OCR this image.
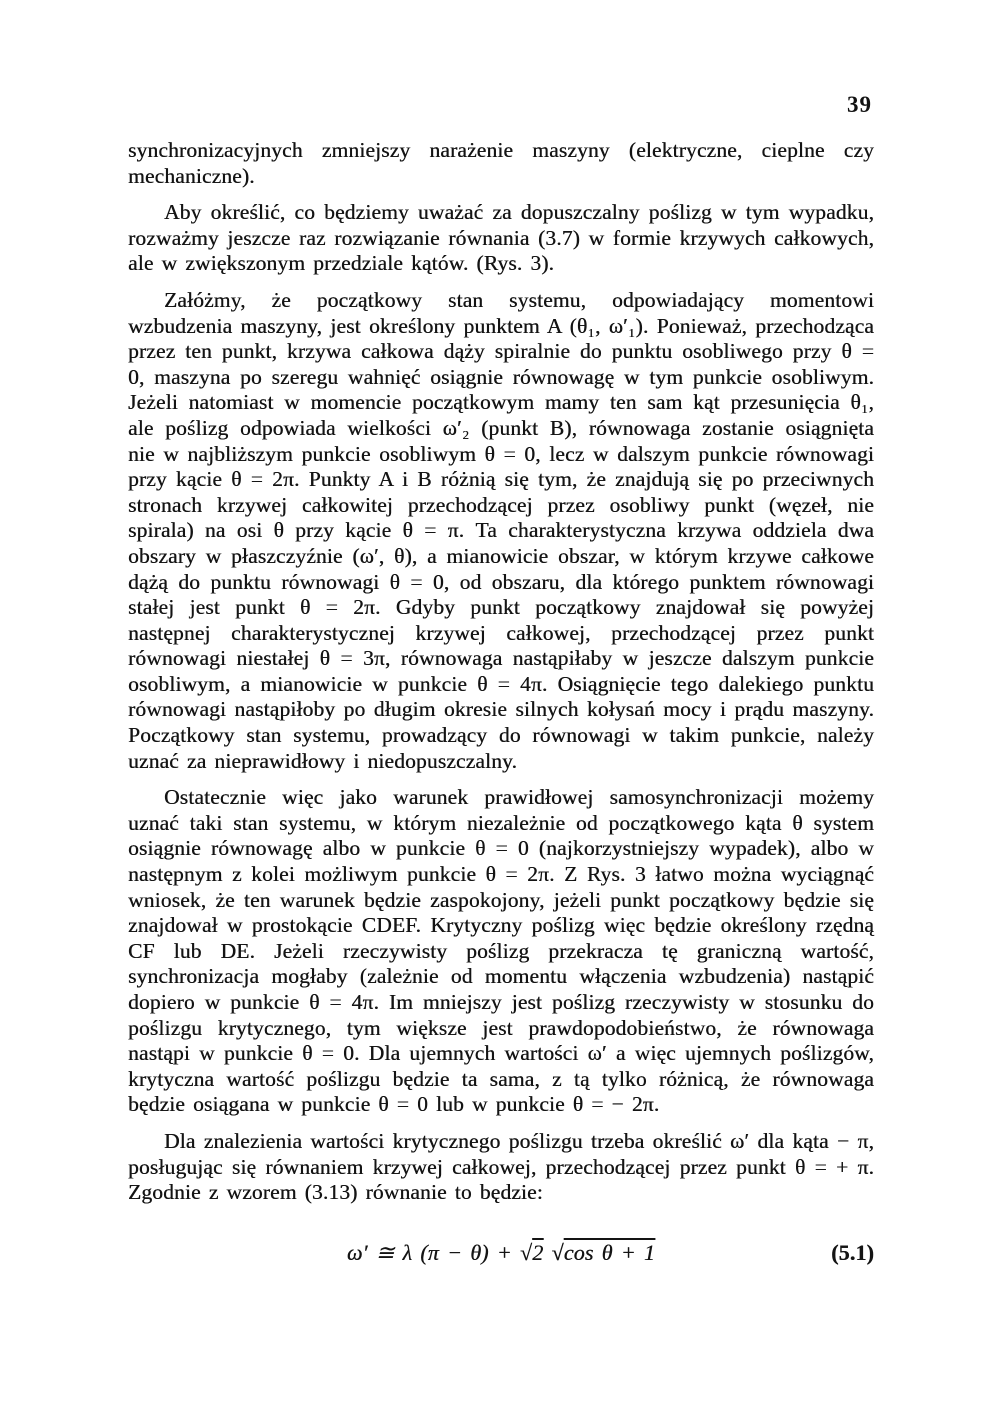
39

synchronizacyjnych zmniejszy narażenie maszyny (elektryczne, cieplne czy mechaniczne).

Aby określić, co będziemy uważać za dopuszczalny poślizg w tym wypadku, rozważmy jeszcze raz rozwiązanie równania (3.7) w formie krzywych całkowych, ale w zwiększonym przedziale kątów. (Rys. 3).

Załóżmy, że początkowy stan systemu, odpowiadający momentowi wzbudzenia maszyny, jest określony punktem A (θ₁, ω′₁). Ponieważ, przechodząca przez ten punkt, krzywa całkowa dąży spiralnie do punktu osobliwego przy θ = 0, maszyna po szeregu wahnięć osiągnie równowagę w tym punkcie osobliwym. Jeżeli natomiast w momencie początkowym mamy ten sam kąt przesunięcia θ₁, ale poślizg odpowiada wielkości ω′₂ (punkt B), równowaga zostanie osiągnięta nie w najbliższym punkcie osobliwym θ = 0, lecz w dalszym punkcie równowagi przy kącie θ = 2π. Punkty A i B różnią się tym, że znajdują się po przeciwnych stronach krzywej całkowitej przechodzącej przez osobliwy punkt (węzeł, nie spirala) na osi θ przy kącie θ = π. Ta charakterystyczna krzywa oddziela dwa obszary w płaszczyźnie (ω′, θ), a mianowicie obszar, w którym krzywe całkowe dążą do punktu równowagi θ = 0, od obszaru, dla którego punktem równowagi stałej jest punkt θ = 2π. Gdyby punkt początkowy znajdował się powyżej następnej charakterystycznej krzywej całkowej, przechodzącej przez punkt równowagi niestałej θ = 3π, równowaga nastąpiłaby w jeszcze dalszym punkcie osobliwym, a mianowicie w punkcie θ = 4π. Osiągnięcie tego dalekiego punktu równowagi nastąpiłoby po długim okresie silnych kołysań mocy i prądu maszyny. Początkowy stan systemu, prowadzący do równowagi w takim punkcie, należy uznać za nieprawidłowy i niedopuszczalny.

Ostatecznie więc jako warunek prawidłowej samosynchronizacji możemy uznać taki stan systemu, w którym niezależnie od początkowego kąta θ system osiągnie równowagę albo w punkcie θ = 0 (najkorzystniejszy wypadek), albo w następnym z kolei możliwym punkcie θ = 2π. Z Rys. 3 łatwo można wyciągnąć wniosek, że ten warunek będzie zaspokojony, jeżeli punkt początkowy będzie się znajdował w prostokącie CDEF. Krytyczny poślizg więc będzie określony rzędną CF lub DE. Jeżeli rzeczywisty poślizg przekracza tę graniczną wartość, synchronizacja mogłaby (zależnie od momentu włączenia wzbudzenia) nastąpić dopiero w punkcie θ = 4π. Im mniejszy jest poślizg rzeczywisty w stosunku do poślizgu krytycznego, tym większe jest prawdopodobieństwo, że równowaga nastąpi w punkcie θ = 0. Dla ujemnych wartości ω′ a więc ujemnych poślizgów, krytyczna wartość poślizgu będzie ta sama, z tą tylko różnicą, że równowaga będzie osiągana w punkcie θ = 0 lub w punkcie θ = − 2π.

Dla znalezienia wartości krytycznego poślizgu trzeba określić ω′ dla kąta − π, posługując się równaniem krzywej całkowej, przechodzącej przez punkt θ = + π. Zgodnie z wzorem (3.13) równanie to będzie:

ω′ ≅ λ (π − θ) + √2 √cos θ + 1	(5.1)
